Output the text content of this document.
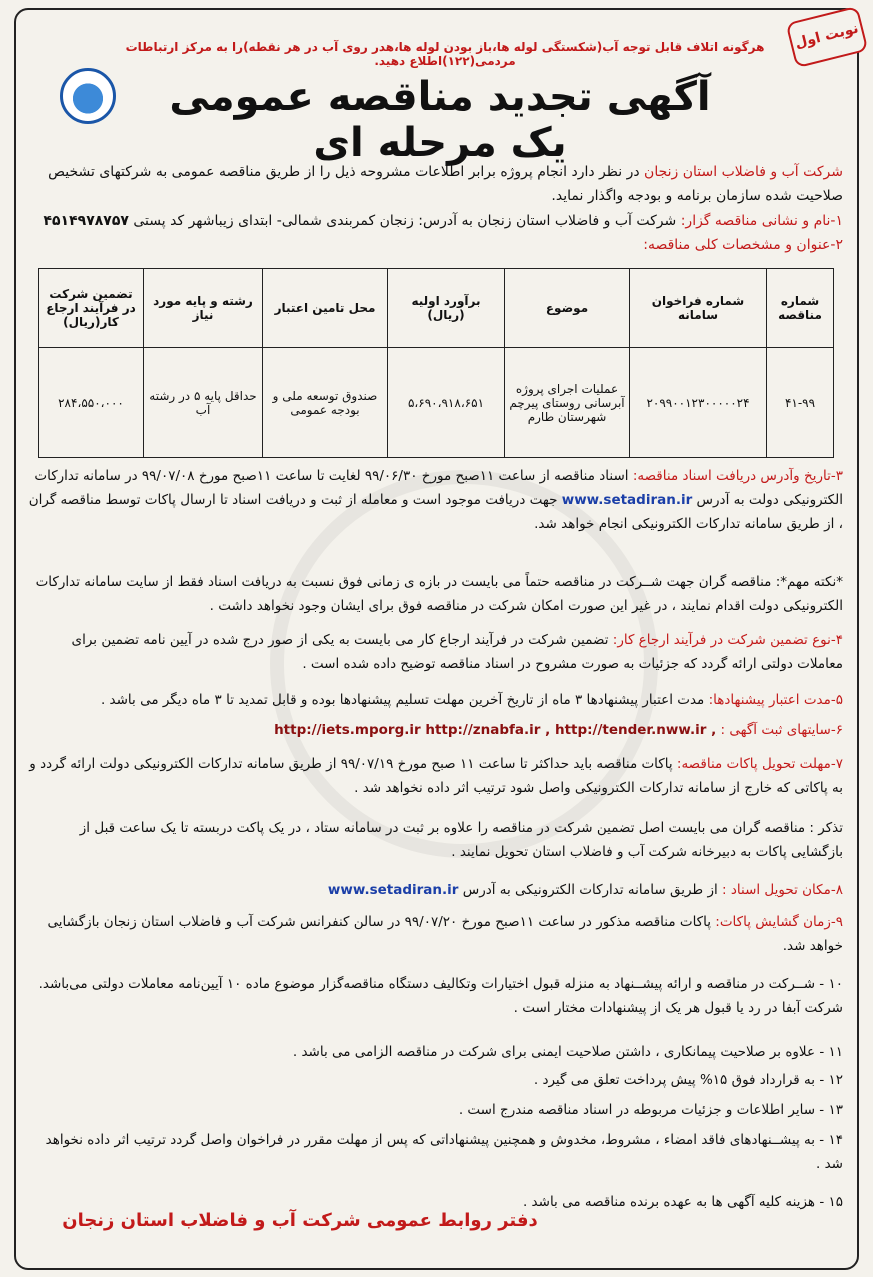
نوبت اول
هرگونه اتلاف قابل توجه آب(شکستگی لوله ها،باز بودن لوله ها،هدر روی آب در هر نقطه)را به مرکز ارتباطات مردمی(۱۲۲)اطلاع دهید.
آگهی تجدید مناقصه عمومی یک مرحله ای
شرکت آب و فاضلاب استان زنجان در نظر دارد انجام پروژه برابر اطلاعات مشروحه ذیل را از طریق مناقصه عمومی به شرکتهای تشخیص صلاحیت شده سازمان برنامه و بودجه واگذار نماید.
۱-نام و نشانی مناقصه گزار: شرکت آب و فاضلاب استان زنجان به آدرس: زنجان کمربندی شمالی- ابتدای زیباشهر کد پستی ۴۵۱۴۹۷۸۷۵۷
۲-عنوان و مشخصات کلی مناقصه:
شماره مناقصه	شماره فراخوان سامانه	موضوع	برآورد اولیه (ریال)	محل تامین اعتبار	رشته و پایه مورد نیاز	تضمین شرکت در فرآیند ارجاع کار(ریال)
۴۱-۹۹	۲۰۹۹۰۰۱۲۳۰۰۰۰۰۲۴	عملیات اجرای پروژه آبرسانی روستای پیرچم شهرستان طارم	۵،۶۹۰،۹۱۸،۶۵۱	صندوق توسعه ملی و بودجه عمومی	حداقل پایه ۵ در رشته آب	۲۸۴،۵۵۰،۰۰۰
۳-تاریخ وآدرس دریافت اسناد مناقصه: اسناد مناقصه از ساعت ۱۱صبح مورخ ۹۹/۰۶/۳۰ لغایت تا ساعت ۱۱صبح مورخ ۹۹/۰۷/۰۸ در سامانه تدارکات الکترونیکی دولت به آدرس www.setadiran.ir جهت دریافت موجود است و معامله از ثبت و دریافت اسناد تا ارسال پاکات توسط مناقصه گران ، از طریق سامانه تدارکات الکترونیکی انجام خواهد شد.
*نکته مهم*: مناقصه گران جهت شــرکت در مناقصه حتماً می بایست در بازه ی زمانی فوق نسبت به دریافت اسناد فقط از سایت سامانه تدارکات الکترونیکی دولت اقدام نمایند ، در غیر این صورت امکان شرکت در مناقصه فوق برای ایشان وجود نخواهد داشت .
۴-نوع تضمین شرکت در فرآیند ارجاع کار: تضمین شرکت در فرآیند ارجاع کار می بایست به یکی از صور درج شده در آیین نامه تضمین برای معاملات دولتی ارائه گردد که جزئیات به صورت مشروح در اسناد مناقصه توضیح داده شده است .
۵-مدت اعتبار پیشنهادها: مدت اعتبار پیشنهادها ۳ ماه از تاریخ آخرین مهلت تسلیم پیشنهادها بوده و قابل تمدید تا ۳ ماه دیگر می باشد .
۶-سایتهای ثبت آگهی : http://iets.mporg.ir http://znabfa.ir , http://tender.nww.ir ,
۷-مهلت تحویل پاکات مناقصه: پاکات مناقصه باید حداکثر تا ساعت ۱۱ صبح مورخ ۹۹/۰۷/۱۹ از طریق سامانه تدارکات الکترونیکی دولت ارائه گردد و به پاکاتی که خارج از سامانه تدارکات الکترونیکی واصل شود ترتیب اثر داده نخواهد شد .
تذکر : مناقصه گران می بایست اصل تضمین شرکت در مناقصه را علاوه بر ثبت در سامانه ستاد ، در یک پاکت دربسته تا یک ساعت قبل از بازگشایی پاکات به دبیرخانه شرکت آب و فاضلاب استان تحویل نمایند .
۸-مکان تحویل اسناد : از طریق سامانه تدارکات الکترونیکی به آدرس www.setadiran.ir
۹-زمان گشایش پاکات: پاکات مناقصه مذکور در ساعت ۱۱صبح مورخ ۹۹/۰۷/۲۰ در سالن کنفرانس شرکت آب و فاضلاب استان زنجان بازگشایی خواهد شد.
۱۰ - شــرکت در مناقصه و ارائه پیشــنهاد به منزله قبول اختیارات وتکالیف دستگاه مناقصه‌گزار موضوع ماده ۱۰ آیین‌نامه معاملات دولتی می‌باشد. شرکت آبفا در رد یا قبول هر یک از پیشنهادات مختار است .
۱۱ - علاوه بر صلاحیت پیمانکاری ، داشتن صلاحیت ایمنی برای شرکت در مناقصه الزامی می باشد .
۱۲ - به قرارداد فوق ۱۵% پیش پرداخت تعلق می گیرد .
۱۳ - سایر اطلاعات و جزئیات مربوطه در اسناد مناقصه مندرج است .
۱۴ - به پیشــنهادهای فاقد امضاء ، مشروط، مخدوش و همچنین پیشنهاداتی که پس از مهلت مقرر در فراخوان واصل گردد ترتیب اثر داده نخواهد شد .
۱۵ - هزینه کلیه آگهی ها به عهده برنده مناقصه می باشد .
دفتر روابط عمومی شرکت آب و فاضلاب استان زنجان
